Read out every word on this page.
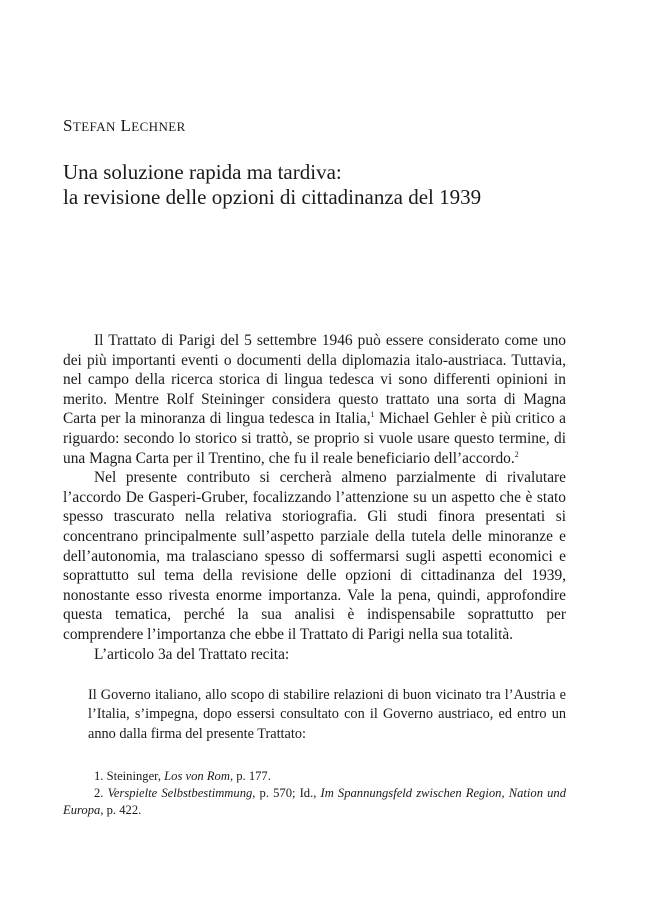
STEFAN LECHNER
Una soluzione rapida ma tardiva:
la revisione delle opzioni di cittadinanza del 1939

Il Trattato di Parigi del 5 settembre 1946 può essere considerato come uno dei più importanti eventi o documenti della diplomazia italo-austriaca. Tuttavia, nel campo della ricerca storica di lingua tedesca vi sono differenti opinioni in merito. Mentre Rolf Steininger considera questo trattato una sorta di Magna Carta per la minoranza di lingua tedesca in Italia,$^1$ Michael Gehler è più critico a riguardo: secondo lo storico si trattò, se proprio si vuole usare questo termine, di una Magna Carta per il Trentino, che fu il reale beneficiario dell’accordo.$^2$

Nel presente contributo si cercherà almeno parzialmente di rivalutare l’accordo De Gasperi-Gruber, focalizzando l’attenzione su un aspetto che è stato spesso trascurato nella relativa storiografia. Gli studi finora presentati si concentrano principalmente sull’aspetto parziale della tutela delle minoranze e dell’autonomia, ma tralasciano spesso di soffermarsi sugli aspetti economici e soprattutto sul tema della revisione delle opzioni di cittadinanza del 1939, nonostante esso rivesta enorme importanza. Vale la pena, quindi, approfondire questa tematica, perché la sua analisi è indispensabile soprattutto per comprendere l’importanza che ebbe il Trattato di Parigi nella sua totalità.

L’articolo 3a del Trattato recita:

Il Governo italiano, allo scopo di stabilire relazioni di buon vicinato tra l’Austria e l’Italia, s’impegna, dopo essersi consultato con il Governo austriaco, ed entro un anno dalla firma del presente Trattato:

1. Steininger, Los von Rom, p. 177.

2. Verspielte Selbstbestimmung, p. 570; Id., Im Spannungsfeld zwischen Region, Nation und Europa, p. 422.
